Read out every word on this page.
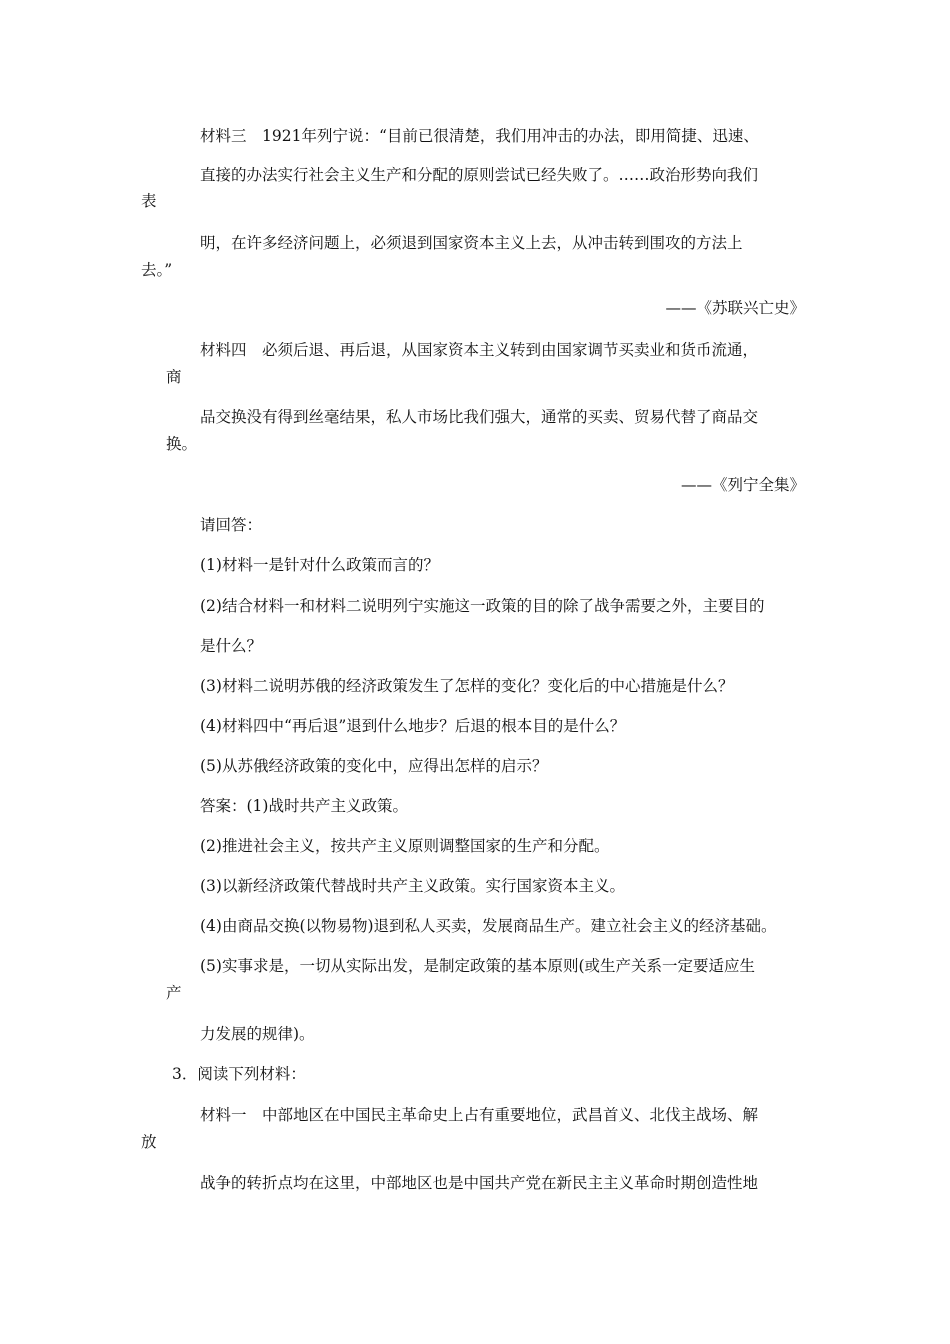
材料三　1921年列宁说：“目前已很清楚，我们用冲击的办法，即用简捷、迅速、
直接的办法实行社会主义生产和分配的原则尝试已经失败了。……政治形势向我们
表
明，在许多经济问题上，必须退到国家资本主义上去，从冲击转到围攻的方法上
去。”
——《苏联兴亡史》
材料四　必须后退、再后退，从国家资本主义转到由国家调节买卖业和货币流通，
商
品交换没有得到丝毫结果，私人市场比我们强大，通常的买卖、贸易代替了商品交
换。
——《列宁全集》
请回答：
(1)材料一是针对什么政策而言的？
(2)结合材料一和材料二说明列宁实施这一政策的目的除了战争需要之外，主要目的
是什么？
(3)材料二说明苏俄的经济政策发生了怎样的变化？变化后的中心措施是什么？
(4)材料四中“再后退”退到什么地步？后退的根本目的是什么？
(5)从苏俄经济政策的变化中，应得出怎样的启示？
答案：(1)战时共产主义政策。
(2)推进社会主义，按共产主义原则调整国家的生产和分配。
(3)以新经济政策代替战时共产主义政策。实行国家资本主义。
(4)由商品交换(以物易物)退到私人买卖，发展商品生产。建立社会主义的经济基础。
(5)实事求是，一切从实际出发，是制定政策的基本原则(或生产关系一定要适应生
产
力发展的规律)。
3．阅读下列材料：
材料一　中部地区在中国民主革命史上占有重要地位，武昌首义、北伐主战场、解
放
战争的转折点均在这里，中部地区也是中国共产党在新民主主义革命时期创造性地
